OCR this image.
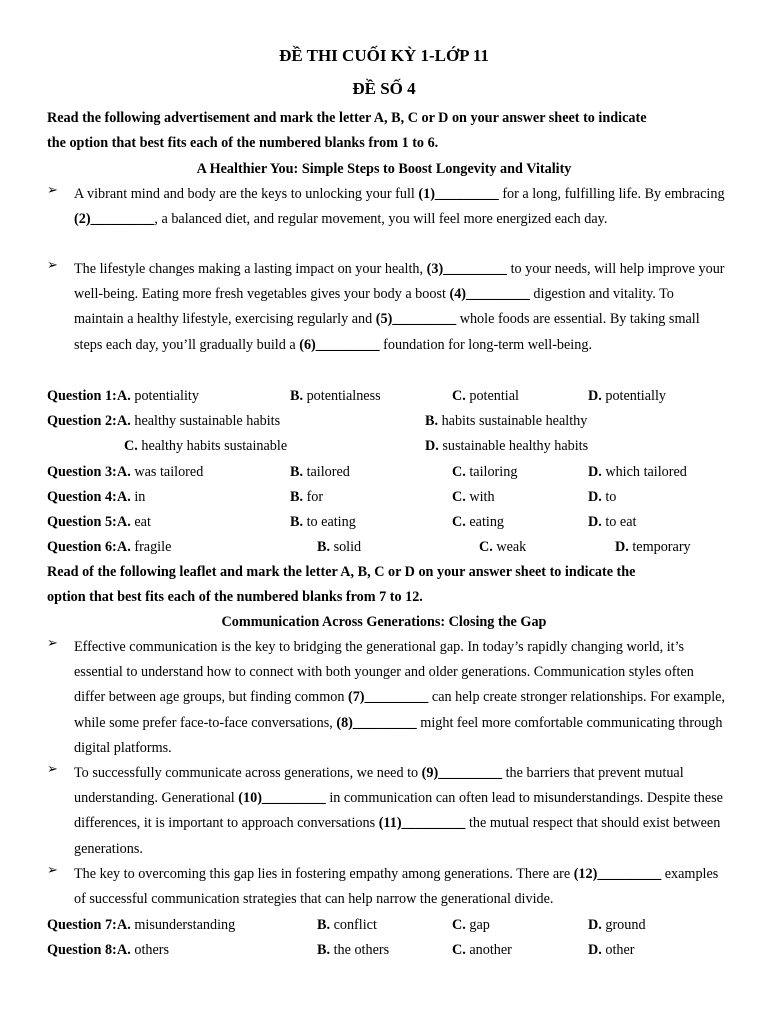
ĐỀ THI CUỐI KỲ 1-LỚP 11
ĐỀ SỐ 4
Read the following advertisement and mark the letter A, B, C or D on your answer sheet to indicate
the option that best fits each of the numbered blanks from 1 to 6.
A Healthier You: Simple Steps to Boost Longevity and Vitality
➢ A vibrant mind and body are the keys to unlocking your full (1)_________ for a long, fulfilling life. By embracing (2)_________, a balanced diet, and regular movement, you will feel more energized each day.
➢ The lifestyle changes making a lasting impact on your health, (3)_________ to your needs, will help improve your well-being. Eating more fresh vegetables gives your body a boost (4)_________ digestion and vitality. To maintain a healthy lifestyle, exercising regularly and (5)_________ whole foods are essential. By taking small steps each day, you’ll gradually build a (6)_________ foundation for long-term well-being.
Question 1: A. potentiality	B. potentialness	C. potential	D. potentially
Question 2: A. healthy sustainable habits	B. habits sustainable healthy
C. healthy habits sustainable	D. sustainable healthy habits
Question 3: A. was tailored	B. tailored	C. tailoring	D. which tailored
Question 4: A. in	B. for	C. with	D. to
Question 5: A. eat	B. to eating	C. eating	D. to eat
Question 6: A. fragile	B. solid	C. weak	D. temporary
Read of the following leaflet and mark the letter A, B, C or D on your answer sheet to indicate the
option that best fits each of the numbered blanks from 7 to 12.
Communication Across Generations: Closing the Gap
➢ Effective communication is the key to bridging the generational gap. In today’s rapidly changing world, it’s essential to understand how to connect with both younger and older generations. Communication styles often differ between age groups, but finding common (7)_________ can help create stronger relationships. For example, while some prefer face-to-face conversations, (8)_________ might feel more comfortable communicating through digital platforms.
➢ To successfully communicate across generations, we need to (9)_________ the barriers that prevent mutual understanding. Generational (10)_________ in communication can often lead to misunderstandings. Despite these differences, it is important to approach conversations (11)_________ the mutual respect that should exist between generations.
➢ The key to overcoming this gap lies in fostering empathy among generations. There are (12)_________ examples of successful communication strategies that can help narrow the generational divide.
Question 7: A. misunderstanding	B. conflict	C. gap	D. ground
Question 8: A. others	B. the others	C. another	D. other
